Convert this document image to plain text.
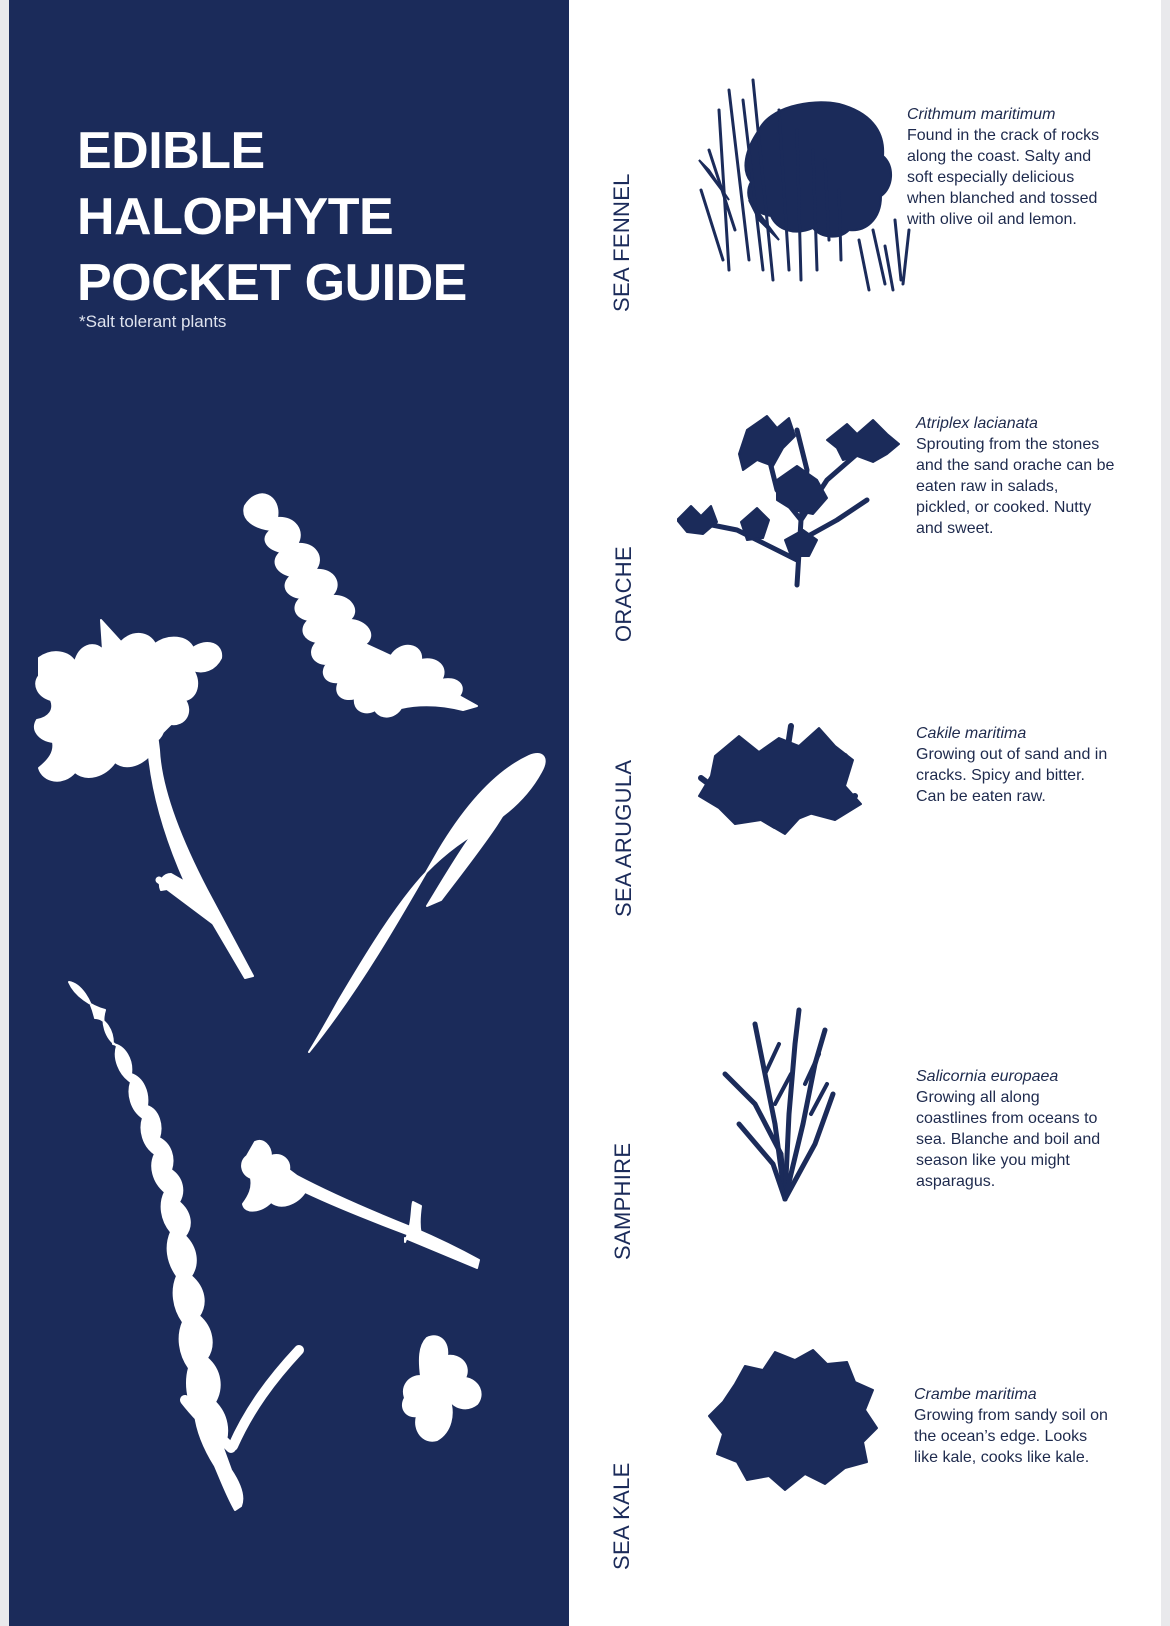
EDIBLE
HALOPHYTE
POCKET GUIDE
*Salt tolerant plants
SEA FENNEL
Crithmum maritimum
Found in the crack of rocks along the coast. Salty and soft especially delicious when blanched and tossed with olive oil and lemon.
ORACHE
Atriplex lacianata
Sprouting from the stones and the sand orache can be eaten raw in salads, pickled, or cooked. Nutty and sweet.
SEA ARUGULA
Cakile maritima
Growing out of sand and in cracks. Spicy and bitter. Can be eaten raw.
SAMPHIRE
Salicornia europaea
Growing all along coastlines from oceans to sea. Blanche and boil and season like you might asparagus.
SEA KALE
Crambe maritima
Growing from sandy soil on the ocean’s edge. Looks like kale, cooks like kale.
